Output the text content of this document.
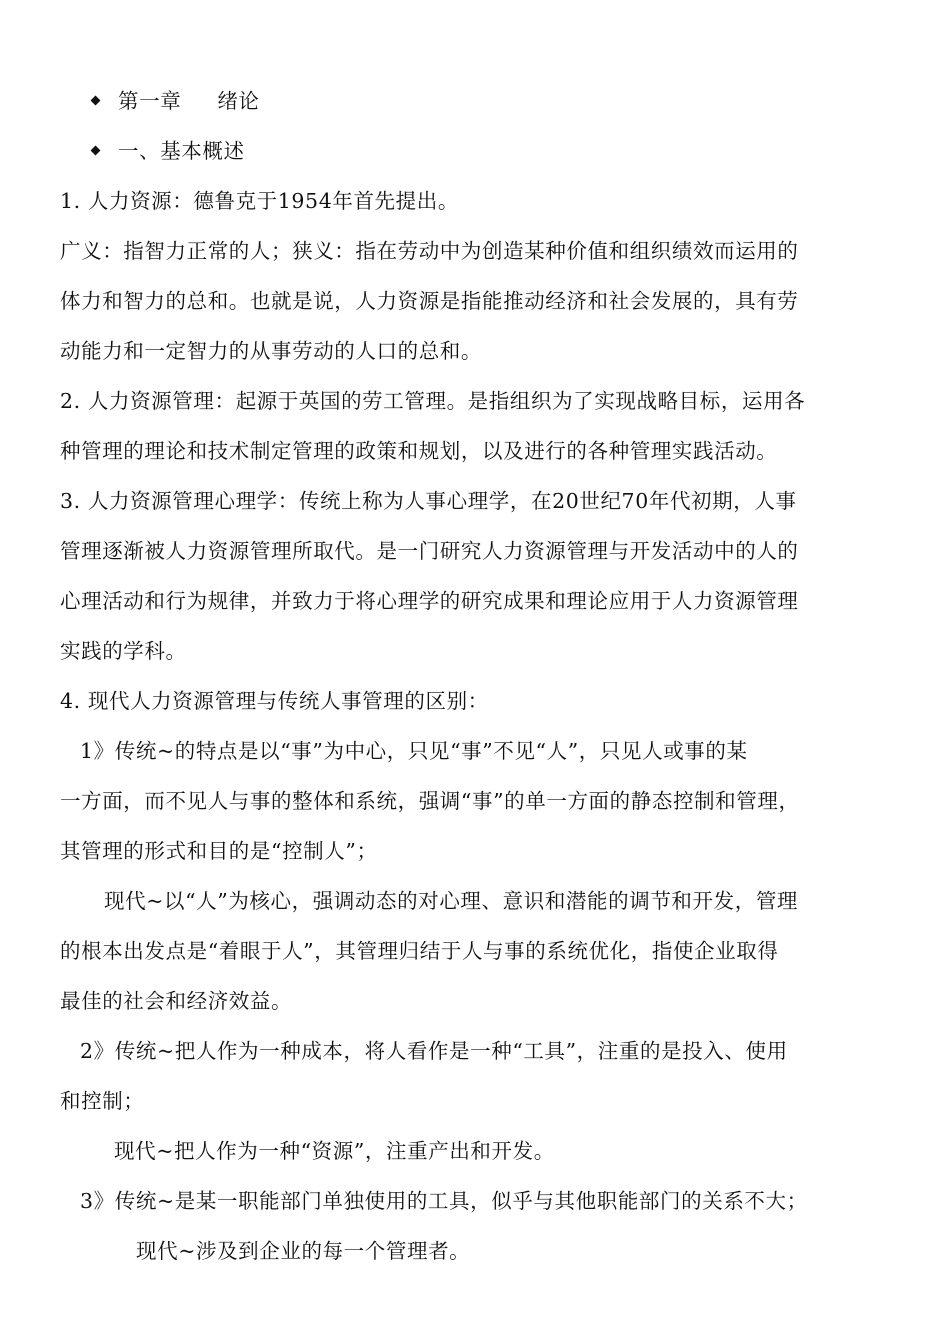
第一章 绪论
一、基本概述
1. 人力资源：德鲁克于1954年首先提出。
广义：指智力正常的人；狭义：指在劳动中为创造某种价值和组织绩效而运用的
体力和智力的总和。也就是说，人力资源是指能推动经济和社会发展的，具有劳
动能力和一定智力的从事劳动的人口的总和。
2. 人力资源管理：起源于英国的劳工管理。是指组织为了实现战略目标，运用各
种管理的理论和技术制定管理的政策和规划，以及进行的各种管理实践活动。
3. 人力资源管理心理学：传统上称为人事心理学，在20世纪70年代初期，人事
管理逐渐被人力资源管理所取代。是一门研究人力资源管理与开发活动中的人的
心理活动和行为规律，并致力于将心理学的研究成果和理论应用于人力资源管理
实践的学科。
4. 现代人力资源管理与传统人事管理的区别：
1》传统~的特点是以“事”为中心，只见“事”不见“人”，只见人或事的某
一方面，而不见人与事的整体和系统，强调“事”的单一方面的静态控制和管理，
其管理的形式和目的是“控制人”；
现代~以“人”为核心，强调动态的对心理、意识和潜能的调节和开发，管理
的根本出发点是“着眼于人”，其管理归结于人与事的系统优化，指使企业取得
最佳的社会和经济效益。
2》传统~把人作为一种成本，将人看作是一种“工具”，注重的是投入、使用
和控制；
现代~把人作为一种“资源”，注重产出和开发。
3》传统~是某一职能部门单独使用的工具，似乎与其他职能部门的关系不大；
现代~涉及到企业的每一个管理者。
